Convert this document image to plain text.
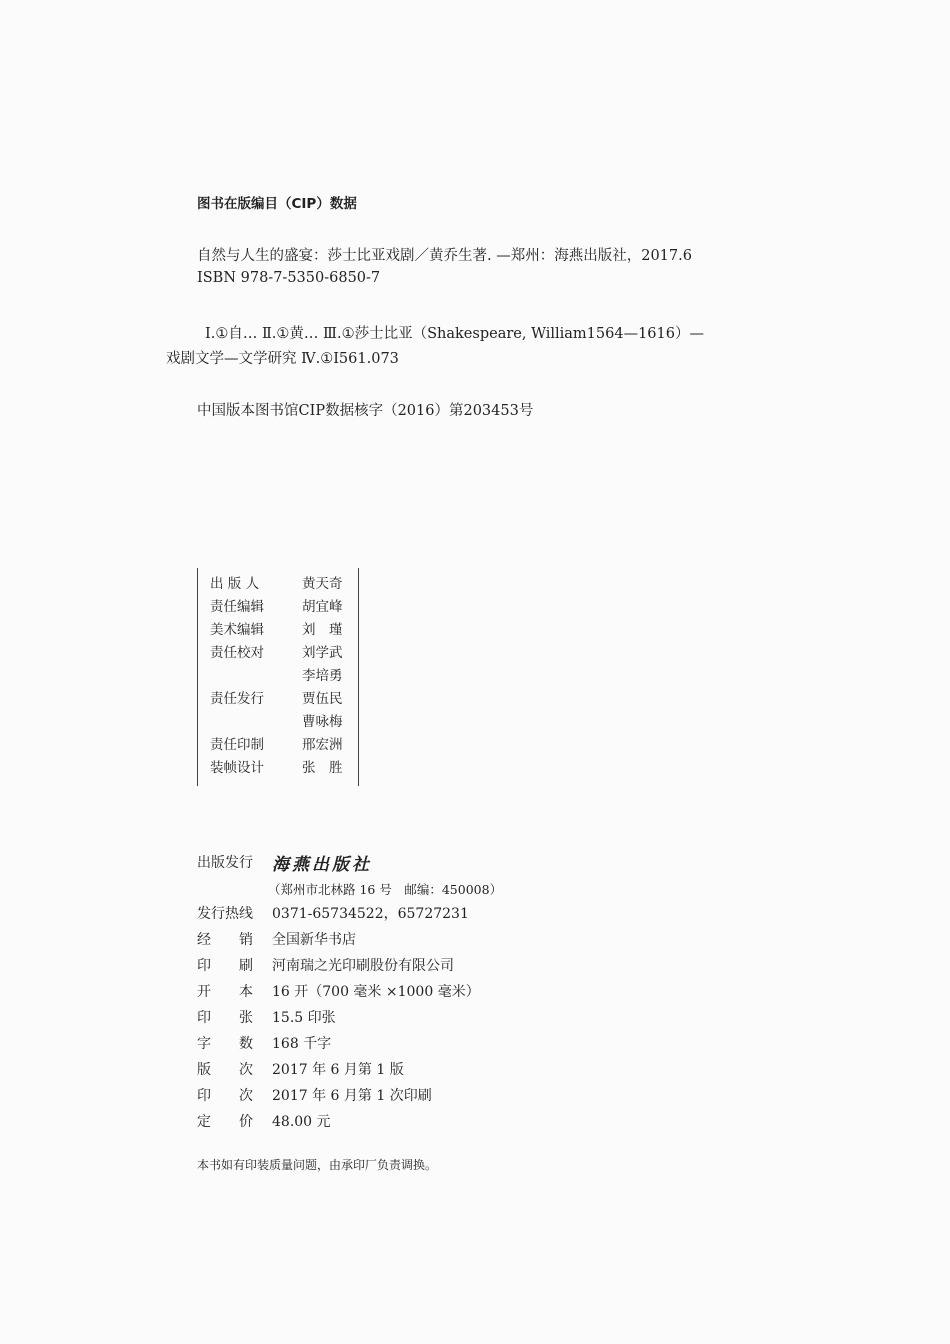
图书在版编目（CIP）数据
自然与人生的盛宴：莎士比亚戏剧／黄乔生著. —郑州：海燕出版社，2017.6
ISBN 978-7-5350-6850-7
Ⅰ.①自… Ⅱ.①黄… Ⅲ.①莎士比亚（Shakespeare, William1564—1616）—
戏剧文学—文学研究 Ⅳ.①I561.073
中国版本图书馆CIP数据核字（2016）第203453号
出 版 人	黄天奇
责任编辑	胡宜峰
美术编辑	刘　瑾
责任校对	刘学武
李培勇
责任发行	贾伍民
曹咏梅
责任印制	邢宏洲
装帧设计	张　胜
出版发行 海燕出版社
（郑州市北林路 16 号　邮编：450008）
发行热线 0371-65734522，65727231
经　　销 全国新华书店
印　　刷 河南瑞之光印刷股份有限公司
开　　本 16 开（700 毫米 ×1000 毫米）
印　　张 15.5 印张
字　　数 168 千字
版　　次 2017 年 6 月第 1 版
印　　次 2017 年 6 月第 1 次印刷
定　　价 48.00 元
本书如有印装质量问题，由承印厂负责调换。
